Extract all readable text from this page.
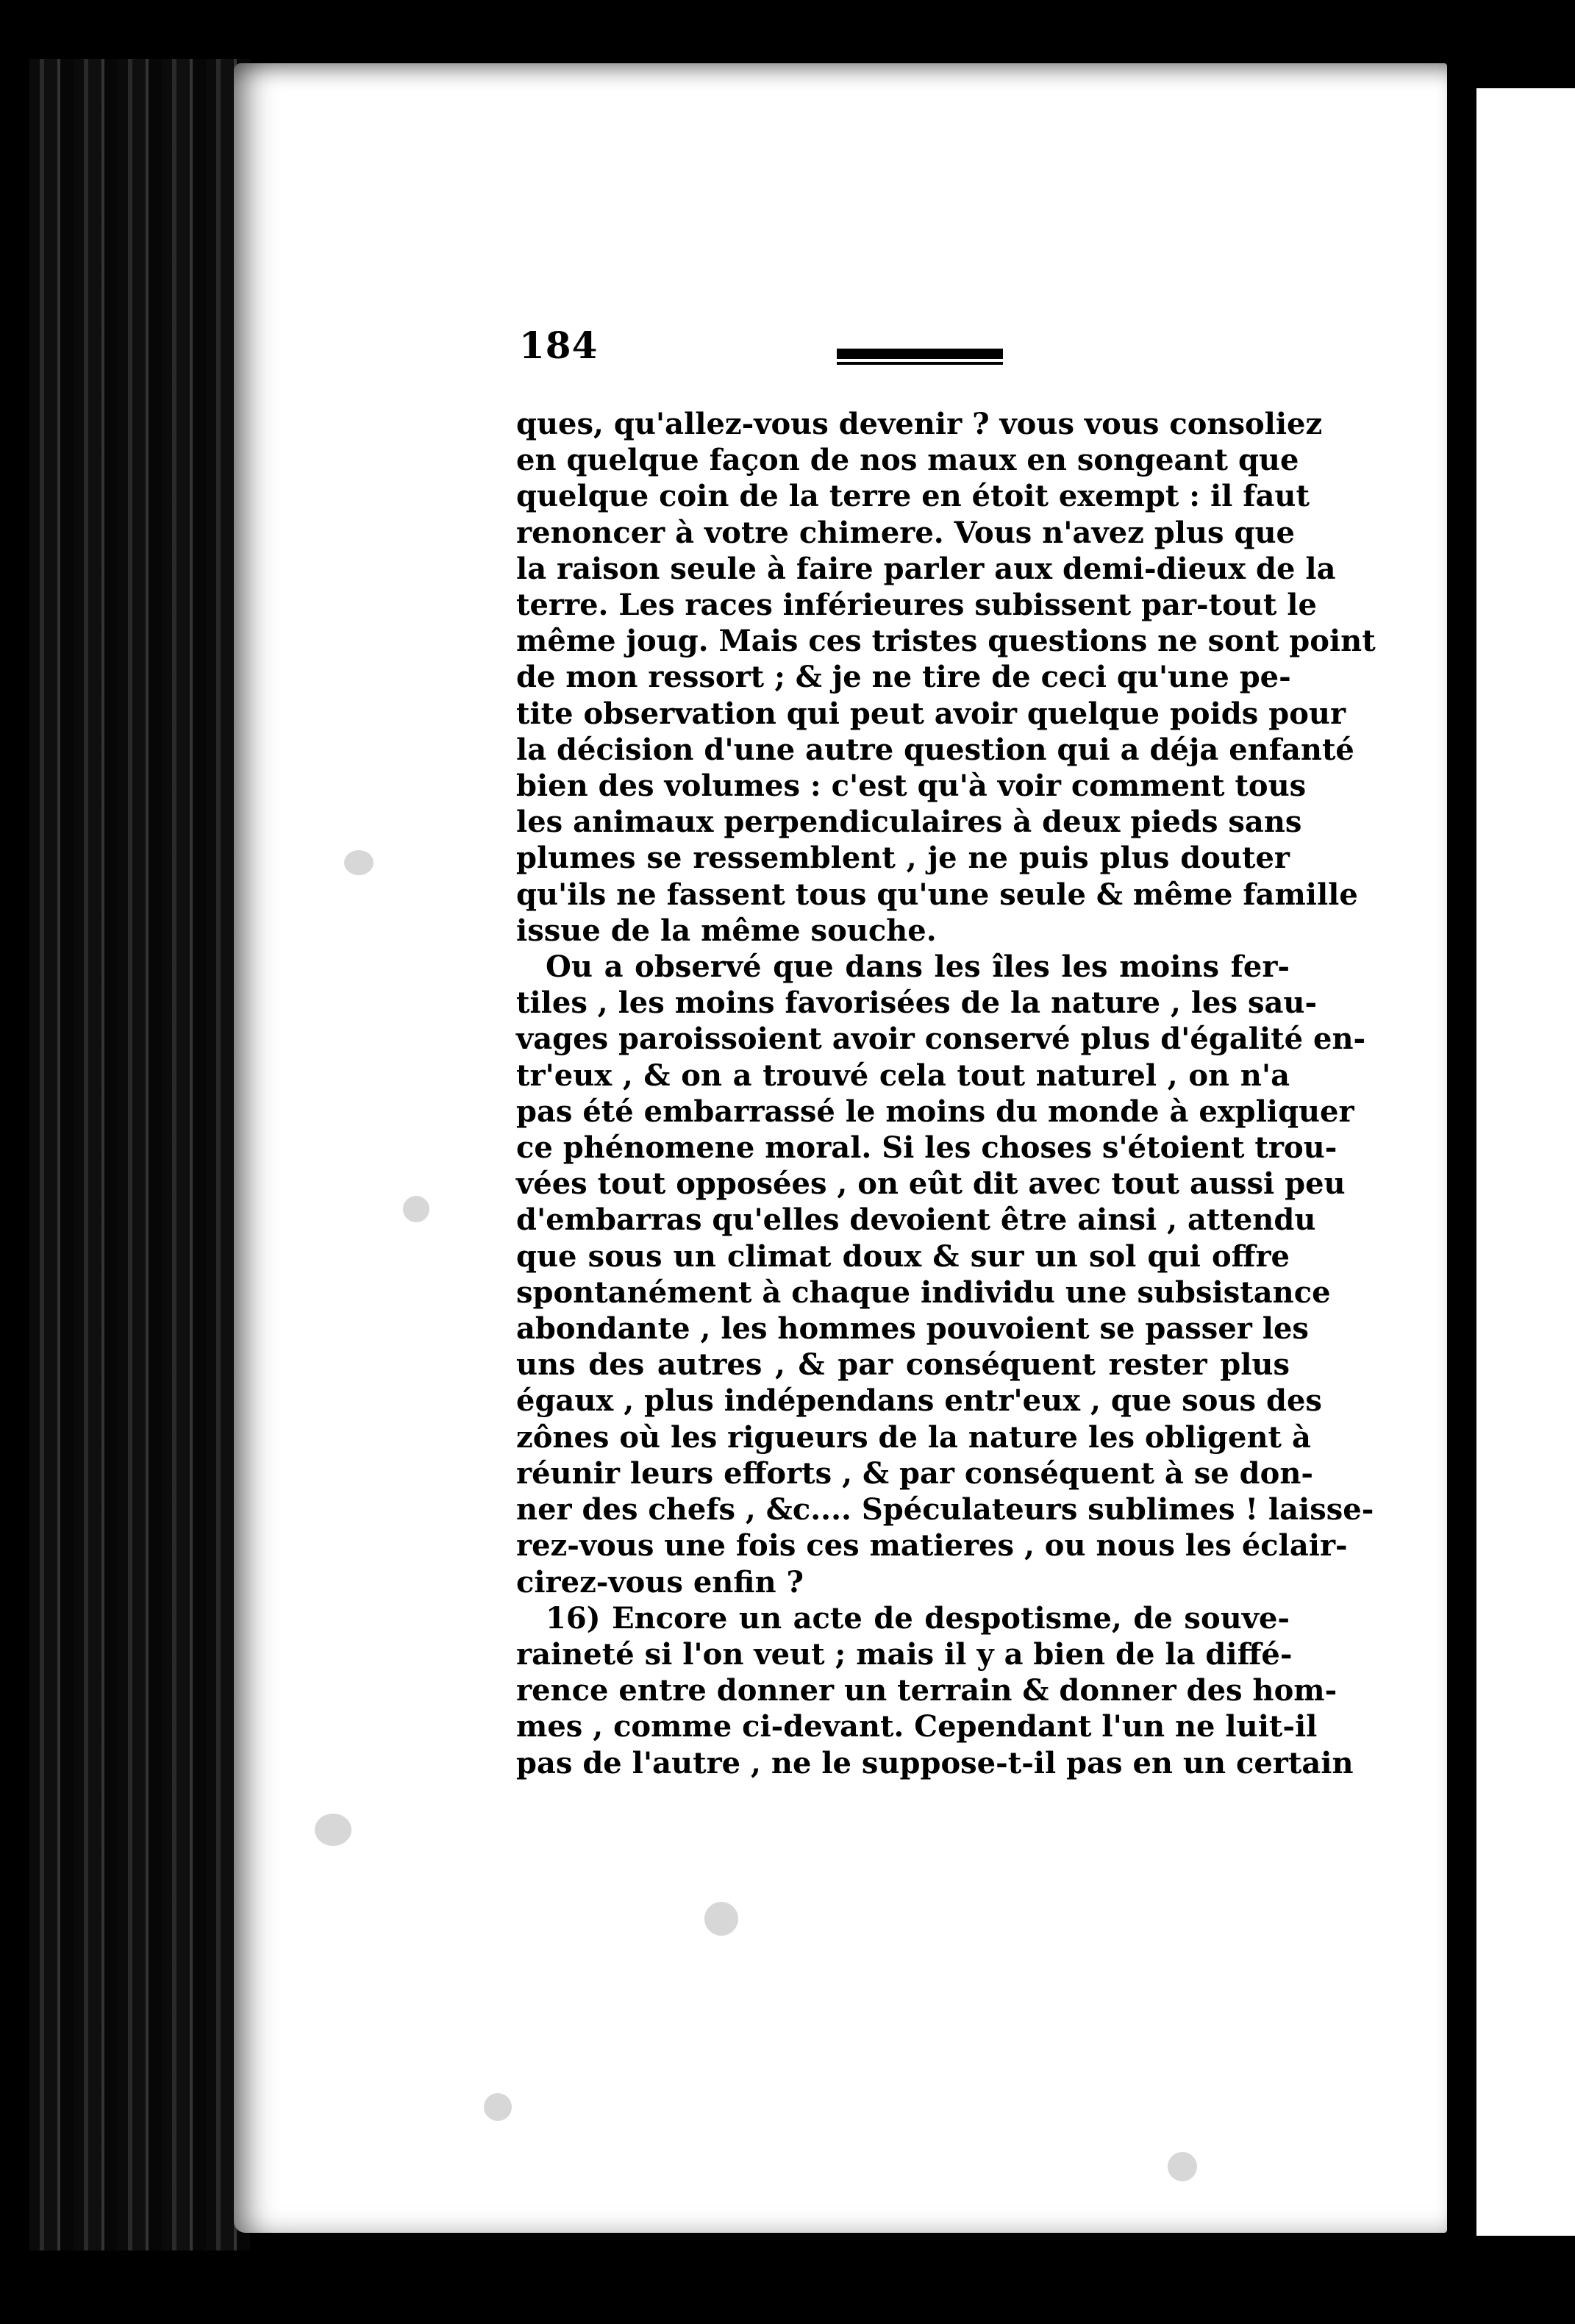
184
ques, qu'allez-vous devenir ? vous vous consoliez
en quelque façon de nos maux en songeant que
quelque coin de la terre en étoit exempt : il faut
renoncer à votre chimere. Vous n'avez plus que
la raison seule à faire parler aux demi-dieux de la
terre. Les races inférieures subissent par-tout le
même joug. Mais ces tristes questions ne sont point
de mon ressort ; & je ne tire de ceci qu'une pe-
tite observation qui peut avoir quelque poids pour
la décision d'une autre question qui a déja enfanté
bien des volumes : c'est qu'à voir comment tous
les animaux perpendiculaires à deux pieds sans
plumes se ressemblent , je ne puis plus douter
qu'ils ne fassent tous qu'une seule & même famille
issue de la même souche.
Ou a observé que dans les îles les moins fer-
tiles , les moins favorisées de la nature , les sau-
vages paroissoient avoir conservé plus d'égalité en-
tr'eux , & on a trouvé cela tout naturel , on n'a
pas été embarrassé le moins du monde à expliquer
ce phénomene moral. Si les choses s'étoient trou-
vées tout opposées , on eût dit avec tout aussi peu
d'embarras qu'elles devoient être ainsi , attendu
que sous un climat doux & sur un sol qui offre
spontanément à chaque individu une subsistance
abondante , les hommes pouvoient se passer les
uns des autres , & par conséquent rester plus
égaux , plus indépendans entr'eux , que sous des
zônes où les rigueurs de la nature les obligent à
réunir leurs efforts , & par conséquent à se don-
ner des chefs , &c.... Spéculateurs sublimes ! laisse-
rez-vous une fois ces matieres , ou nous les éclair-
cirez-vous enfin ?
16) Encore un acte de despotisme, de souve-
raineté si l'on veut ; mais il y a bien de la diffé-
rence entre donner un terrain & donner des hom-
mes , comme ci-devant. Cependant l'un ne luit-il
pas de l'autre , ne le suppose-t-il pas en un certain
